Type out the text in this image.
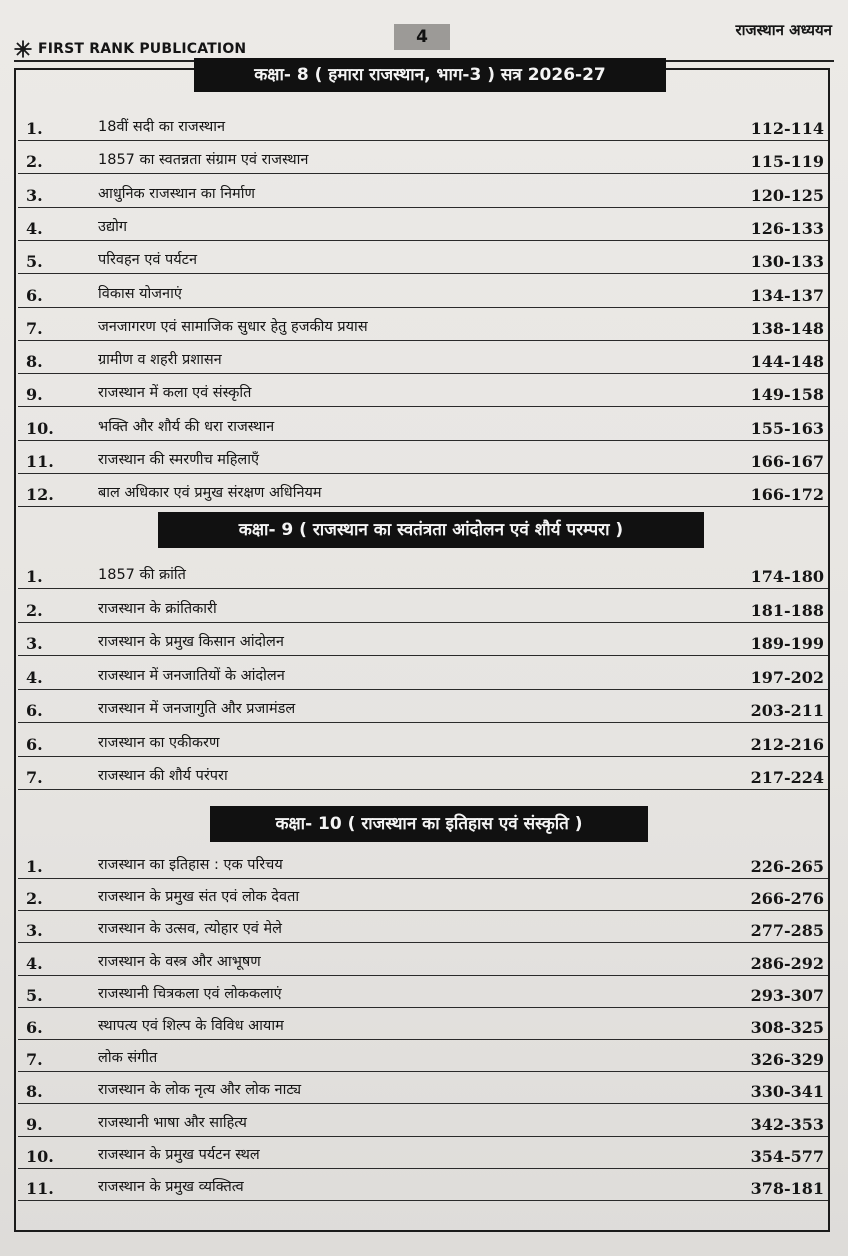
FIRST RANK PUBLICATION
4	राजस्थान अध्ययन
कक्षा- 8 ( हमारा राजस्थान, भाग-3 ) सत्र 2026-27
1.	18वीं सदी का राजस्थान	112-114
2.	1857 का स्वतन्नता संग्राम एवं राजस्थान	115-119
3.	आधुनिक राजस्थान का निर्माण	120-125
4.	उद्योग	126-133
5.	परिवहन एवं पर्यटन	130-133
6.	विकास योजनाएं	134-137
7.	जनजागरण एवं सामाजिक सुधार हेतु हजकीय प्रयास	138-148
8.	ग्रामीण व शहरी प्रशासन	144-148
9.	राजस्थान में कला एवं संस्कृति	149-158
10.	भक्ति और शौर्य की धरा राजस्थान	155-163
11.	राजस्थान की स्मरणीच महिलाएँ	166-167
12.	बाल अधिकार एवं प्रमुख संरक्षण अधिनियम	166-172
कक्षा- 9 ( राजस्थान का स्वतंत्रता आंदोलन एवं शौर्य परम्परा )
1.	1857 की क्रांति	174-180
2.	राजस्थान के क्रांतिकारी	181-188
3.	राजस्थान के प्रमुख किसान आंदोलन	189-199
4.	राजस्थान में जनजातियों के आंदोलन	197-202
6.	राजस्थान में जनजागुति और प्रजामंडल	203-211
6.	राजस्थान का एकीकरण	212-216
7.	राजस्थान की शौर्य परंपरा	217-224
कक्षा- 10 ( राजस्थान का इतिहास एवं संस्कृति )
1.	राजस्थान का इतिहास : एक परिचय	226-265
2.	राजस्थान के प्रमुख संत एवं लोक देवता	266-276
3.	राजस्थान के उत्सव, त्योहार एवं मेले	277-285
4.	राजस्थान के वस्त्र और आभूषण	286-292
5.	राजस्थानी चित्रकला एवं लोककलाएं	293-307
6.	स्थापत्य एवं शिल्प के विविध आयाम	308-325
7.	लोक संगीत	326-329
8.	राजस्थान के लोक नृत्य और लोक नाट्य	330-341
9.	राजस्थानी भाषा और साहित्य	342-353
10.	राजस्थान के प्रमुख पर्यटन स्थल	354-577
11.	राजस्थान के प्रमुख व्यक्तित्व	378-181
